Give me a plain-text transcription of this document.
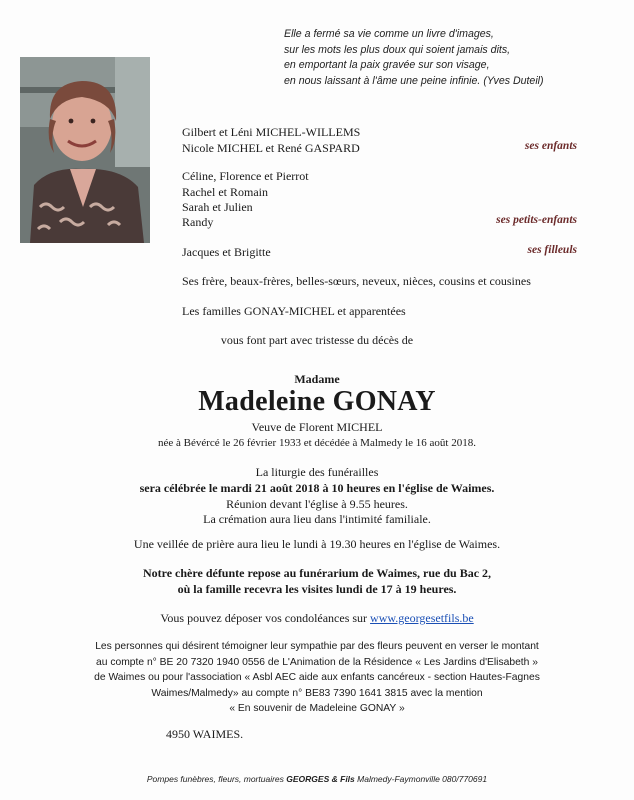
Elle a fermé sa vie comme un livre d'images,
sur les mots les plus doux qui soient jamais dits,
en emportant la paix gravée sur son visage,
en nous laissant à l'âme une peine infinie. (Yves Duteil)
Gilbert et Léni MICHEL-WILLEMS
Nicole MICHEL et René GASPARD	ses enfants
Céline, Florence et Pierrot
Rachel et Romain
Sarah et Julien
Randy	ses petits-enfants
Jacques et Brigitte	ses filleuls
Ses frère, beaux-frères, belles-sœurs, neveux, nièces, cousins et cousines
Les familles GONAY-MICHEL et apparentées
vous font part avec tristesse du décès de
Madame
Madeleine GONAY
Veuve de Florent MICHEL
née à Bévércé le 26 février 1933 et décédée à Malmedy le 16 août 2018.
La liturgie des funérailles
sera célébrée le mardi 21 août 2018 à 10 heures en l'église de Waimes.
Réunion devant l'église à 9.55 heures.
La crémation aura lieu dans l'intimité familiale.
Une veillée de prière aura lieu le lundi à 19.30 heures en l'église de Waimes.
Notre chère défunte repose au funérarium de Waimes, rue du Bac 2,
où la famille recevra les visites lundi de 17 à 19 heures.
Vous pouvez déposer vos condoléances sur www.georgesetfils.be
Les personnes qui désirent témoigner leur sympathie par des fleurs peuvent en verser le montant
au compte n° BE 20 7320 1940 0556 de L'Animation de la Résidence « Les Jardins d'Elisabeth »
de Waimes ou pour l'association « Asbl AEC aide aux enfants cancéreux - section Hautes-Fagnes
Waimes/Malmedy» au compte n° BE83 7390 1641 3815 avec la mention
« En souvenir de Madeleine GONAY »
4950 WAIMES.
Pompes funèbres, fleurs, mortuaires GEORGES & Fils Malmedy-Faymonville 080/770691
